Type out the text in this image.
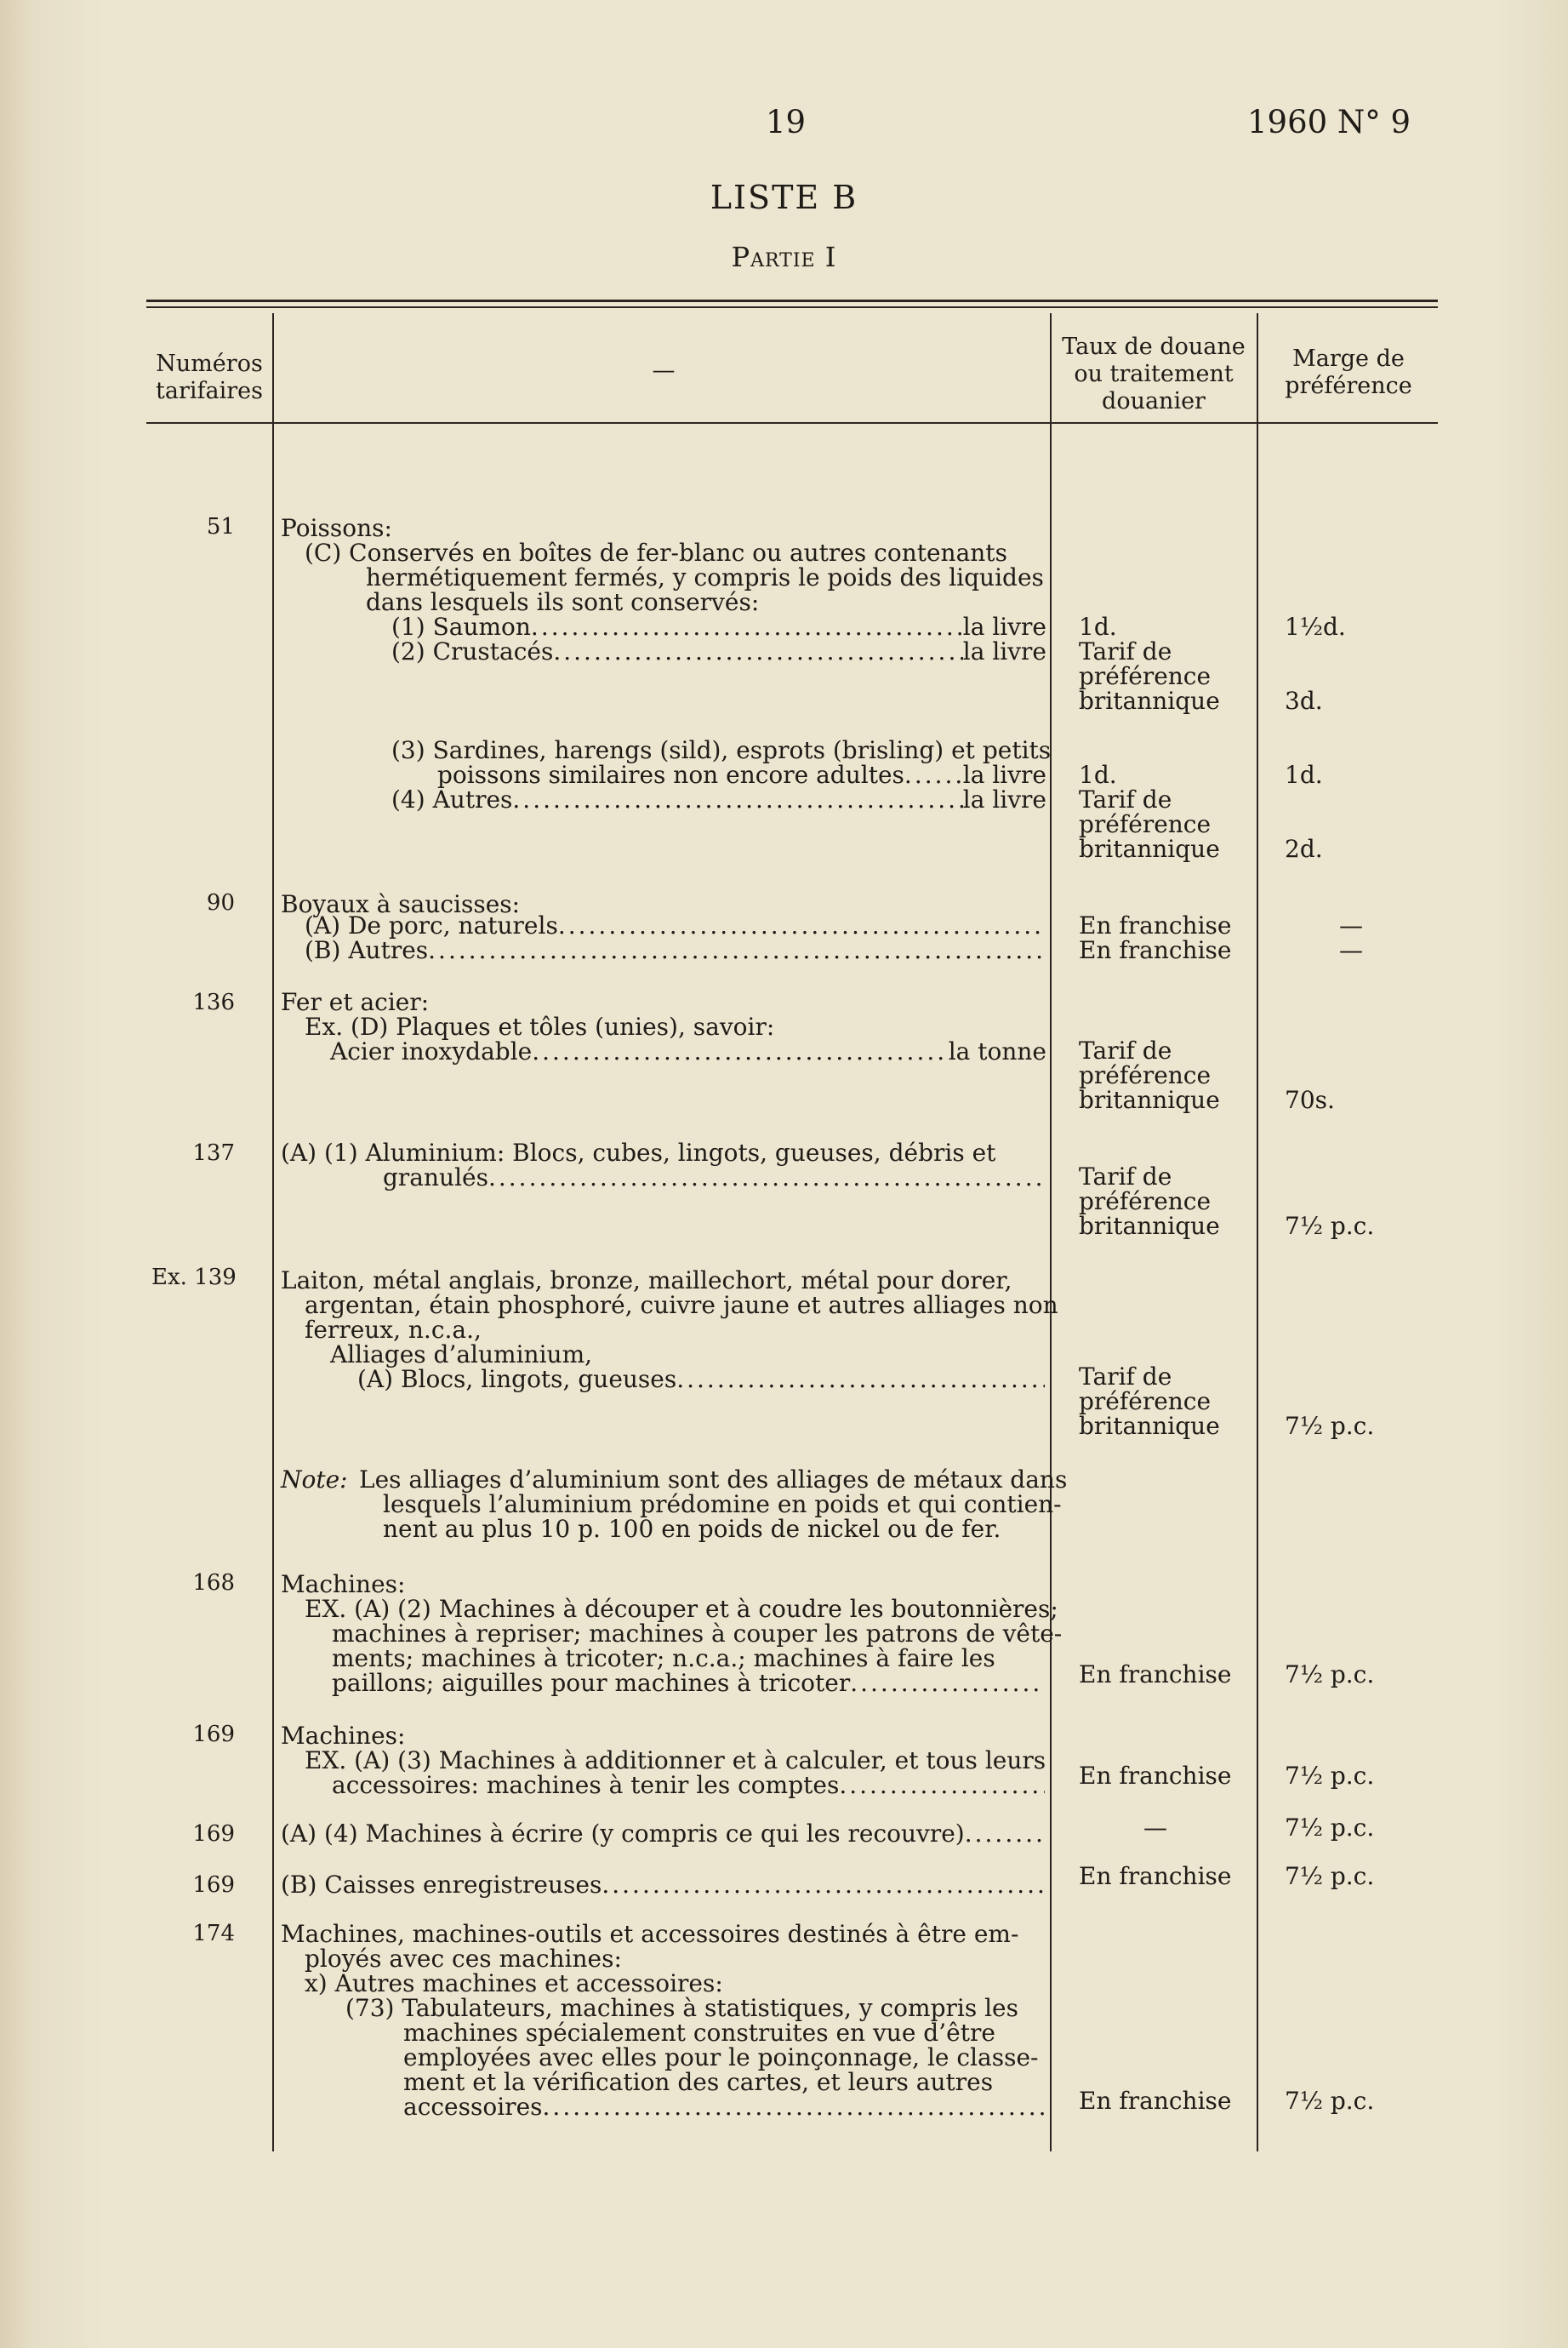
19	1960 N° 9
LISTE B
Partie I
Numéros tarifaires
—
Taux de douane ou traitement douanier
Marge de préférence
51 Poissons:
(C) Conservés en boîtes de fer-blanc ou autres contenants
hermétiquement fermés, y compris le poids des liquides
dans lesquels ils sont conservés:
(1) Saumon .....	la livre 1d.	1½d.
(2) Crustacés .....	la livre Tarif de
préférence
britannique	3d.
(3) Sardines, harengs (sild), esprots (brisling) et petits
poissons similaires non encore adultes ..... la livre 1d.	1d.
(4) Autres .....	la livre Tarif de
préférence
britannique	2d.
90 Boyaux à saucisses:
(A) De porc, naturels .....	En franchise	—
(B) Autres .....	En franchise	—
136 Fer et acier:
Ex. (D) Plaques et tôles (unies), savoir:
Acier inoxydable .....	la tonne Tarif de
préférence
britannique	70s.
137 (A) (1) Aluminium: Blocs, cubes, lingots, gueuses, débris et
granulés .....	Tarif de
préférence
britannique	7½ p.c.
Ex. 139 Laiton, métal anglais, bronze, maillechort, métal pour dorer,
argentan, étain phosphoré, cuivre jaune et autres alliages non
ferreux, n.c.a.,
Alliages d’aluminium,
(A) Blocs, lingots, gueuses .....	Tarif de
préférence
britannique	7½ p.c.
Note: Les alliages d’aluminium sont des alliages de métaux dans
lesquels l’aluminium prédomine en poids et qui contien-
nent au plus 10 p. 100 en poids de nickel ou de fer.
168 Machines:
EX. (A) (2) Machines à découper et à coudre les boutonnières;
machines à repriser; machines à couper les patrons de vête-
ments; machines à tricoter; n.c.a.; machines à faire les
paillons; aiguilles pour machines à tricoter .....	En franchise 7½ p.c.
169 Machines:
EX. (A) (3) Machines à additionner et à calculer, et tous leurs
accessoires: machines à tenir les comptes .....	En franchise 7½ p.c.
169 (A) (4) Machines à écrire (y compris ce qui les recouvre) .....	—	7½ p.c.
169 (B) Caisses enregistreuses .....	En franchise 7½ p.c.
174 Machines, machines-outils et accessoires destinés à être em-
ployés avec ces machines:
x) Autres machines et accessoires:
(73) Tabulateurs, machines à statistiques, y compris les
machines spécialement construites en vue d’être
employées avec elles pour le poinçonnage, le classe-
ment et la vérification des cartes, et leurs autres
accessoires .....	En franchise 7½ p.c.
